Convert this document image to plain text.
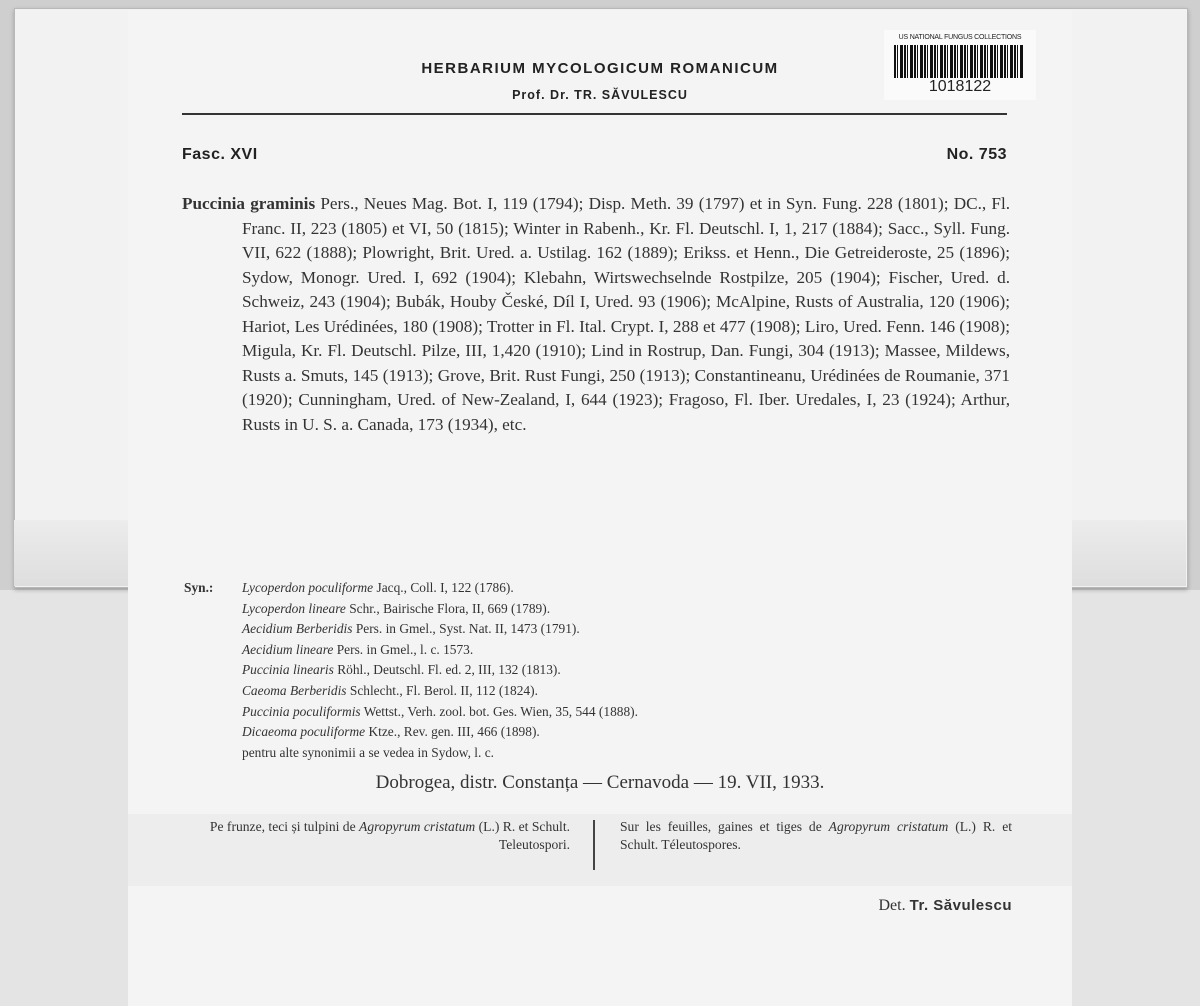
HERBARIUM MYCOLOGICUM ROMANICUM
Prof. Dr. TR. SĂVULESCU
US NATIONAL FUNGUS COLLECTIONS
1018122
Fasc. XVI	No. 753
Puccinia graminis Pers., Neues Mag. Bot. I, 119 (1794); Disp. Meth. 39 (1797) et in Syn. Fung. 228 (1801); DC., Fl. Franc. II, 223 (1805) et VI, 50 (1815); Winter in Rabenh., Kr. Fl. Deutschl. I, 1, 217 (1884); Sacc., Syll. Fung. VII, 622 (1888); Plowright, Brit. Ured. a. Ustilag. 162 (1889); Erikss. et Henn., Die Getreideroste, 25 (1896); Sydow, Monogr. Ured. I, 692 (1904); Klebahn, Wirtswechselnde Rostpilze, 205 (1904); Fischer, Ured. d. Schweiz, 243 (1904); Bubák, Houby České, Díl I, Ured. 93 (1906); McAlpine, Rusts of Australia, 120 (1906); Hariot, Les Urédinées, 180 (1908); Trotter in Fl. Ital. Crypt. I, 288 et 477 (1908); Liro, Ured. Fenn. 146 (1908); Migula, Kr. Fl. Deutschl. Pilze, III, 1,420 (1910); Lind in Rostrup, Dan. Fungi, 304 (1913); Massee, Mildews, Rusts a. Smuts, 145 (1913); Grove, Brit. Rust Fungi, 250 (1913); Constantineanu, Urédinées de Roumanie, 371 (1920); Cunningham, Ured. of New-Zealand, I, 644 (1923); Fragoso, Fl. Iber. Uredales, I, 23 (1924); Arthur, Rusts in U. S. a. Canada, 173 (1934), etc.
Syn.: Lycoperdon poculiforme Jacq., Coll. I, 122 (1786).
Lycoperdon lineare Schr., Bairische Flora, II, 669 (1789).
Aecidium Berberidis Pers. in Gmel., Syst. Nat. II, 1473 (1791).
Aecidium lineare Pers. in Gmel., l. c. 1573.
Puccinia linearis Röhl., Deutschl. Fl. ed. 2, III, 132 (1813).
Caeoma Berberidis Schlecht., Fl. Berol. II, 112 (1824).
Puccinia poculiformis Wettst., Verh. zool. bot. Ges. Wien, 35, 544 (1888).
Dicaeoma poculiforme Ktze., Rev. gen. III, 466 (1898).
pentru alte synonimii a se vedea in Sydow, l. c.
Dobrogea, distr. Constanța — Cernavoda — 19. VII, 1933.
Pe frunze, teci și tulpini de Agropyrum cristatum (L.) R. et Schult. Teleutospori.
Sur les feuilles, gaines et tiges de Agropyrum cristatum (L.) R. et Schult. Téleutospores.
Det. Tr. Săvulescu
